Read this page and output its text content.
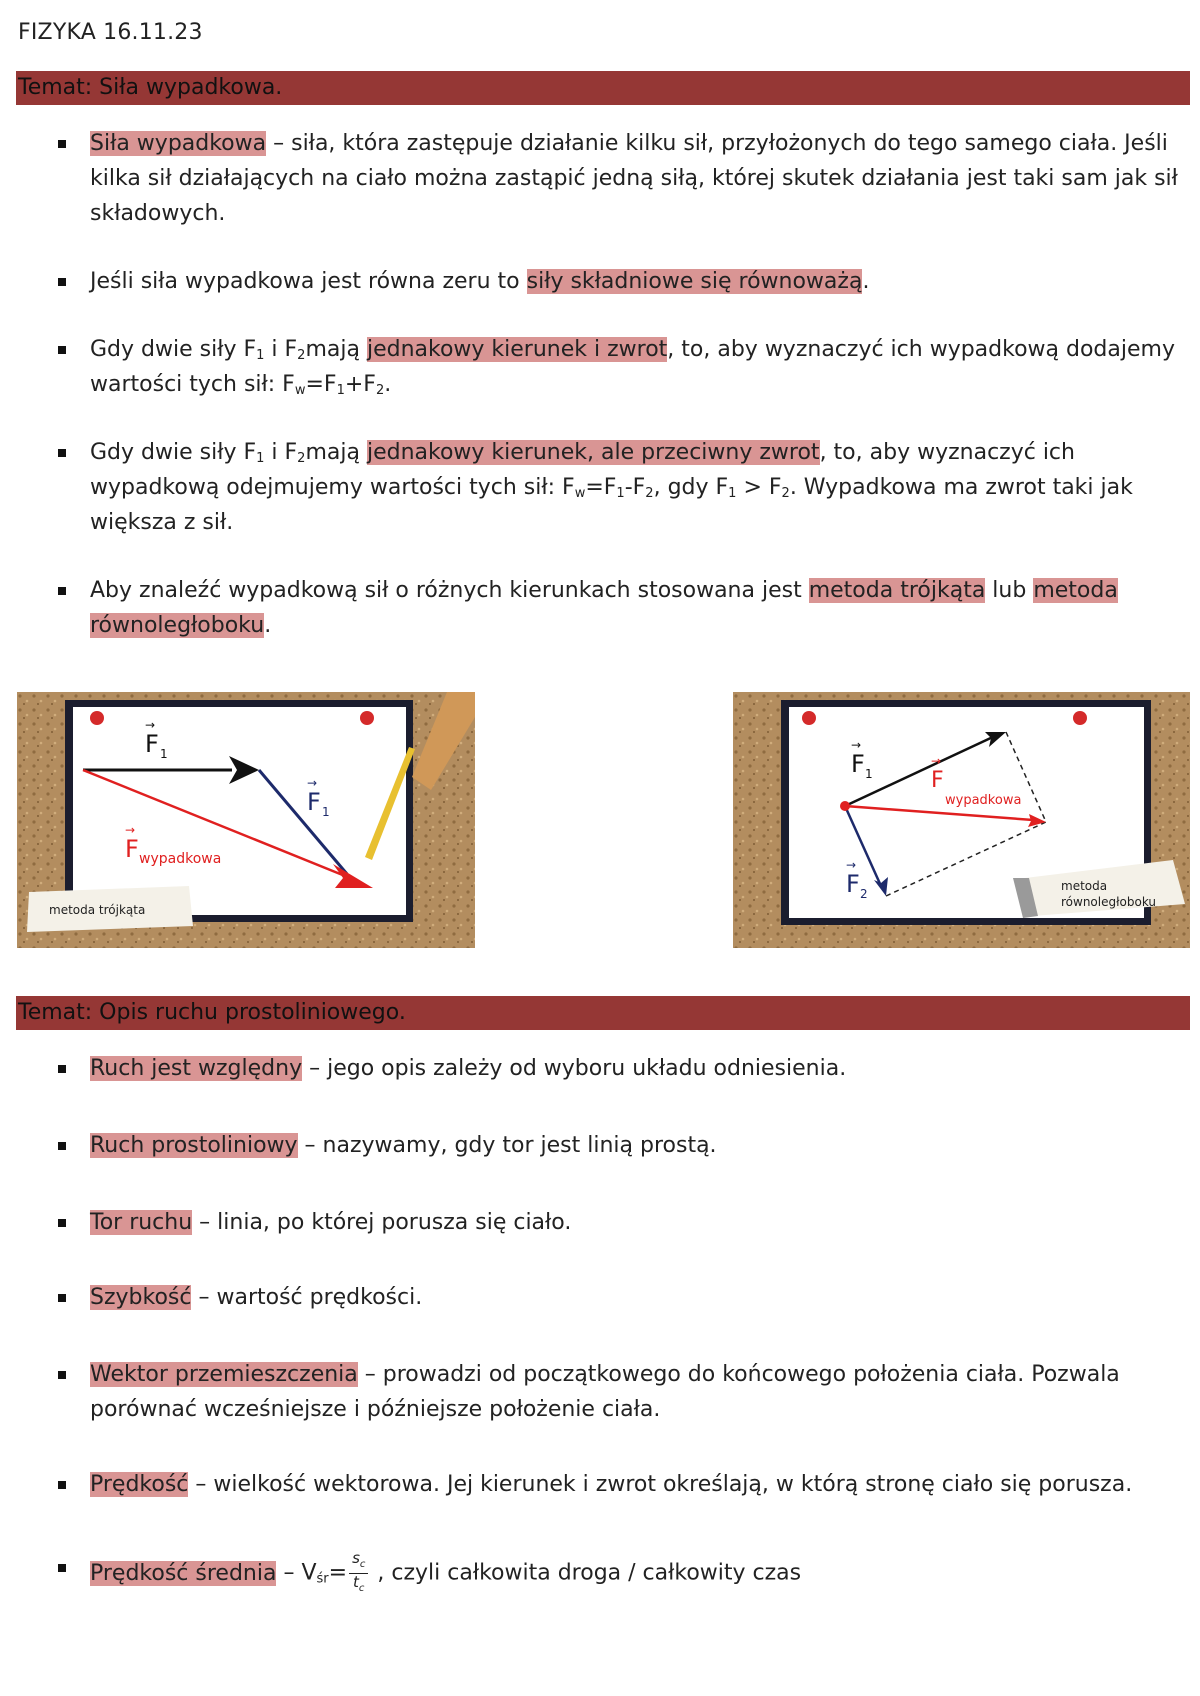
FIZYKA 16.11.23
Temat: Siła wypadkowa.
Siła wypadkowa – siła, która zastępuje działanie kilku sił, przyłożonych do tego samego ciała. Jeśli kilka sił działających na ciało można zastąpić jedną siłą, której skutek działania jest taki sam jak sił składowych.
Jeśli siła wypadkowa jest równa zeru to siły składniowe się równoważą.
Gdy dwie siły $F_1$ i $F_2mają$ jednakowy kierunek i zwrot, to, aby wyznaczyć ich wypadkową dodajemy wartości tych sił: $F_w=F_1+F_2$.
Gdy dwie siły $F_1$ i $F_2mają$ jednakowy kierunek, ale przeciwny zwrot, to, aby wyznaczyć ich wypadkową odejmujemy wartości tych sił: $F_w=F_1-F_2$, gdy $F_1 > F_2$. Wypadkowa ma zwrot taki jak większa z sił.
Aby znaleźć wypadkową sił o różnych kierunkach stosowana jest metoda trójkąta lub metoda równoległoboku.
F
→
1
F
→
1
F
→
wypadkowa
metoda trójkąta
F
→
1
F
→
2
F
→
wypadkowa
metoda
równoległoboku
Temat: Opis ruchu prostoliniowego.
Ruch jest względny – jego opis zależy od wyboru układu odniesienia.
Ruch prostoliniowy – nazywamy, gdy tor jest linią prostą.
Tor ruchu – linia, po której porusza się ciało.
Szybkość – wartość prędkości.
Wektor przemieszczenia – prowadzi od początkowego do końcowego położenia ciała. Pozwala porównać wcześniejsze i późniejsze położenie ciała.
Prędkość – wielkość wektorowa. Jej kierunek i zwrot określają, w którą stronę ciało się porusza.
Prędkość średnia – $V_{śr}= \frac{s_c}{t_c}$ , czyli całkowita droga / całkowity czas
